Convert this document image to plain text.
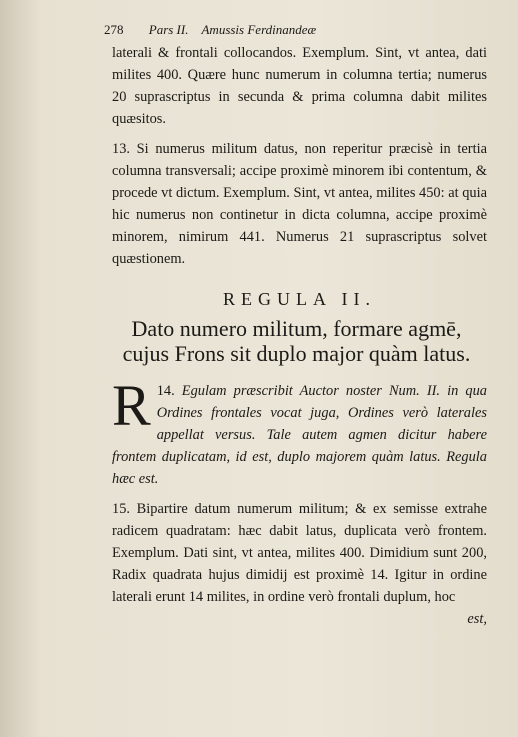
278 Pars II. Amussis Ferdinandeæ
laterali & frontali collocandos. Exemplum. Sint, vt antea, dati milites 400. Quære hunc numerum in columna tertia; numerus 20 suprascriptus in secunda & prima columna dabit milites quæsitos.
13. Si numerus militum datus, non reperitur præcisè in tertia columna transversali; accipe proximè minorem ibi contentum, & procede vt dictum. Exemplum. Sint, vt antea, milites 450: at quia hic numerus non continetur in dicta columna, accipe proximè minorem, nimirum 441. Numerus 21 suprascriptus solvet quæstionem.
REGULA II.
Dato numero militum, formare agmē, cujus Frons sit duplo major quàm latus.
14.
R Egulam præscribit Auctor noster Num. II. in qua Ordines frontales vocat juga, Ordines verò laterales appellat versus. Tale autem agmen dicitur habere frontem duplicatam, id est, duplo majorem quàm latus. Regula hæc est.
15. Bipartire datum numerum militum; & ex semisse extrahe radicem quadratam: hæc dabit latus, duplicata verò frontem. Exemplum. Dati sint, vt antea, milites 400. Dimidium sunt 200, Radix quadrata hujus dimidij est proximè 14. Igitur in ordine laterali erunt 14 milites, in ordine verò frontali duplum, hoc
est,
